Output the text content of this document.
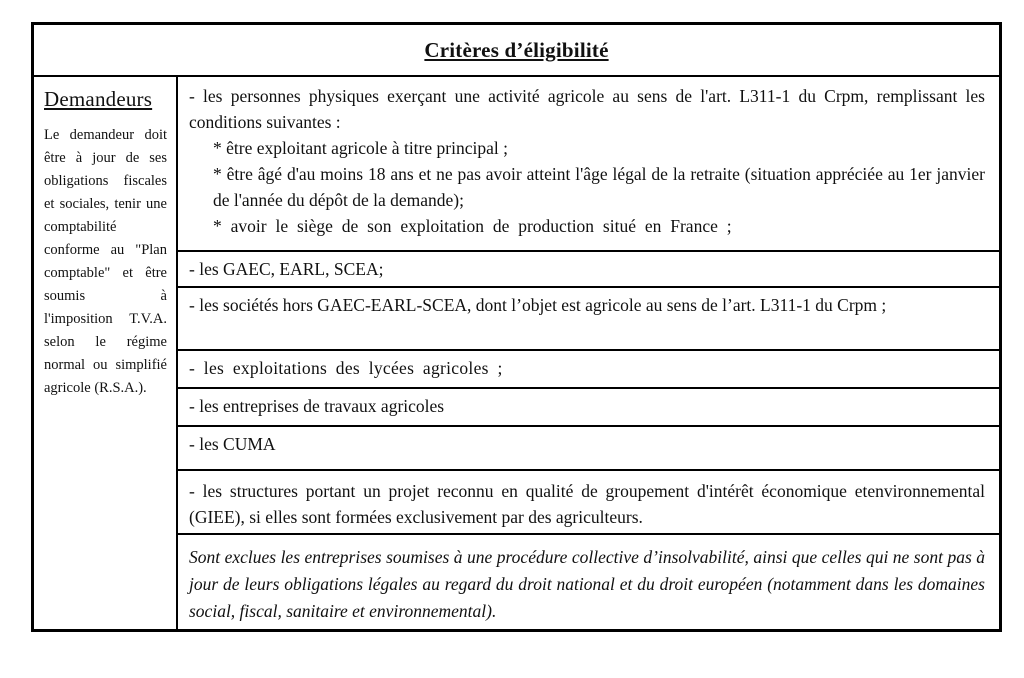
Critères d’éligibilité
Demandeurs
Le demandeur doit être à jour de ses obligations fiscales et sociales, tenir une comptabilité conforme au "Plan comptable" et être soumis à l'imposition T.V.A. selon le régime normal ou simplifié agricole (R.S.A.).
- les personnes physiques exerçant une activité agricole au sens de l'art. L311-1 du Crpm, remplissant les conditions suivantes :
* être exploitant agricole à titre principal ;
* être âgé d'au moins 18 ans et ne pas avoir atteint l'âge légal de la retraite (situation appréciée au 1er janvier de l'année du dépôt de la demande);
* avoir le siège de son exploitation de production situé en France ;
- les GAEC, EARL, SCEA;
- les sociétés hors GAEC-EARL-SCEA, dont l’objet est agricole au sens de l’art. L311-1 du Crpm ;
- les exploitations des lycées agricoles ;
- les entreprises de travaux agricoles
- les CUMA
- les structures portant un projet reconnu en qualité de groupement d'intérêt économique etenvironnemental (GIEE), si elles sont formées exclusivement par des agriculteurs.
Sont exclues les entreprises soumises à une procédure collective d’insolvabilité, ainsi que celles qui ne sont pas à jour de leurs obligations légales au regard du droit national et du droit européen (notamment dans les domaines social, fiscal, sanitaire et environnemental).
